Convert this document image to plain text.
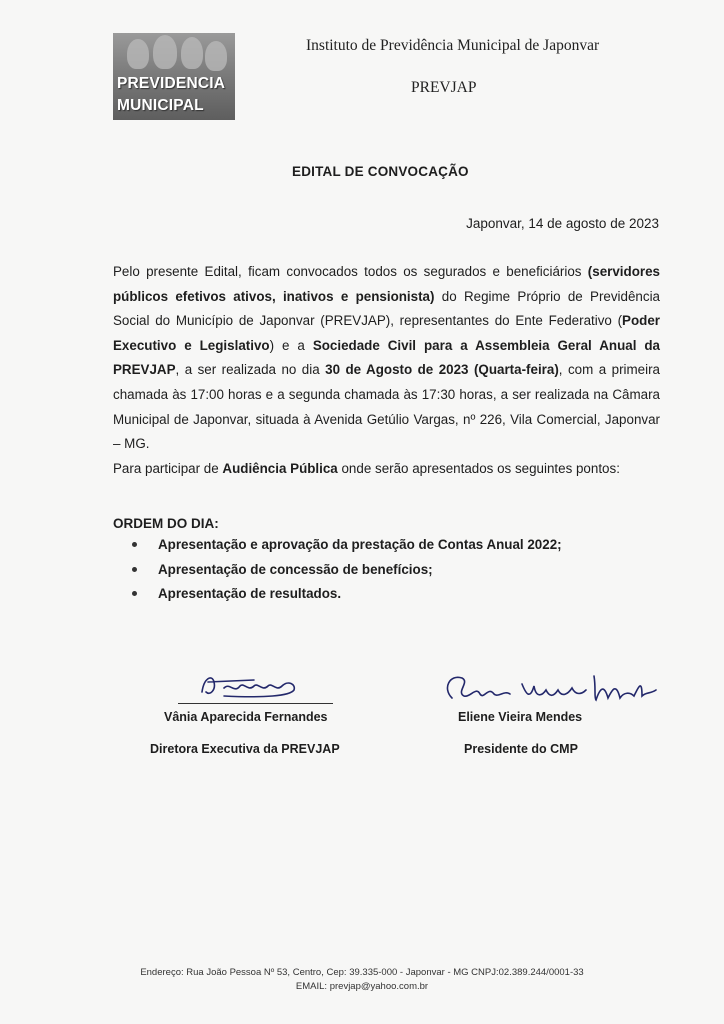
PREVIDENCIA
MUNICIPAL
Instituto de Previdência Municipal de Japonvar
PREVJAP
EDITAL DE CONVOCAÇÃO
Japonvar, 14 de agosto de 2023

Pelo presente Edital, ficam convocados todos os segurados e beneficiários (servidores públicos efetivos ativos, inativos e pensionista) do Regime Próprio de Previdência Social do Município de Japonvar (PREVJAP), representantes do Ente Federativo (Poder Executivo e Legislativo) e a Sociedade Civil para a Assembleia Geral Anual da PREVJAP, a ser realizada no dia 30 de Agosto de 2023 (Quarta-feira), com a primeira chamada às 17:00 horas e a segunda chamada às 17:30 horas, a ser realizada na Câmara Municipal de Japonvar, situada à Avenida Getúlio Vargas, nº 226, Vila Comercial, Japonvar – MG.

Para participar de Audiência Pública onde serão apresentados os seguintes pontos:

ORDEM DO DIA:
Apresentação e aprovação da prestação de Contas Anual 2022;
Apresentação de concessão de benefícios;
Apresentação de resultados.
Vânia Aparecida Fernandes
Diretora Executiva da PREVJAP
Eliene Vieira Mendes
Presidente do CMP
Endereço: Rua João Pessoa Nº 53, Centro, Cep: 39.335-000 - Japonvar - MG CNPJ:02.389.244/0001-33
EMAIL: prevjap@yahoo.com.br
